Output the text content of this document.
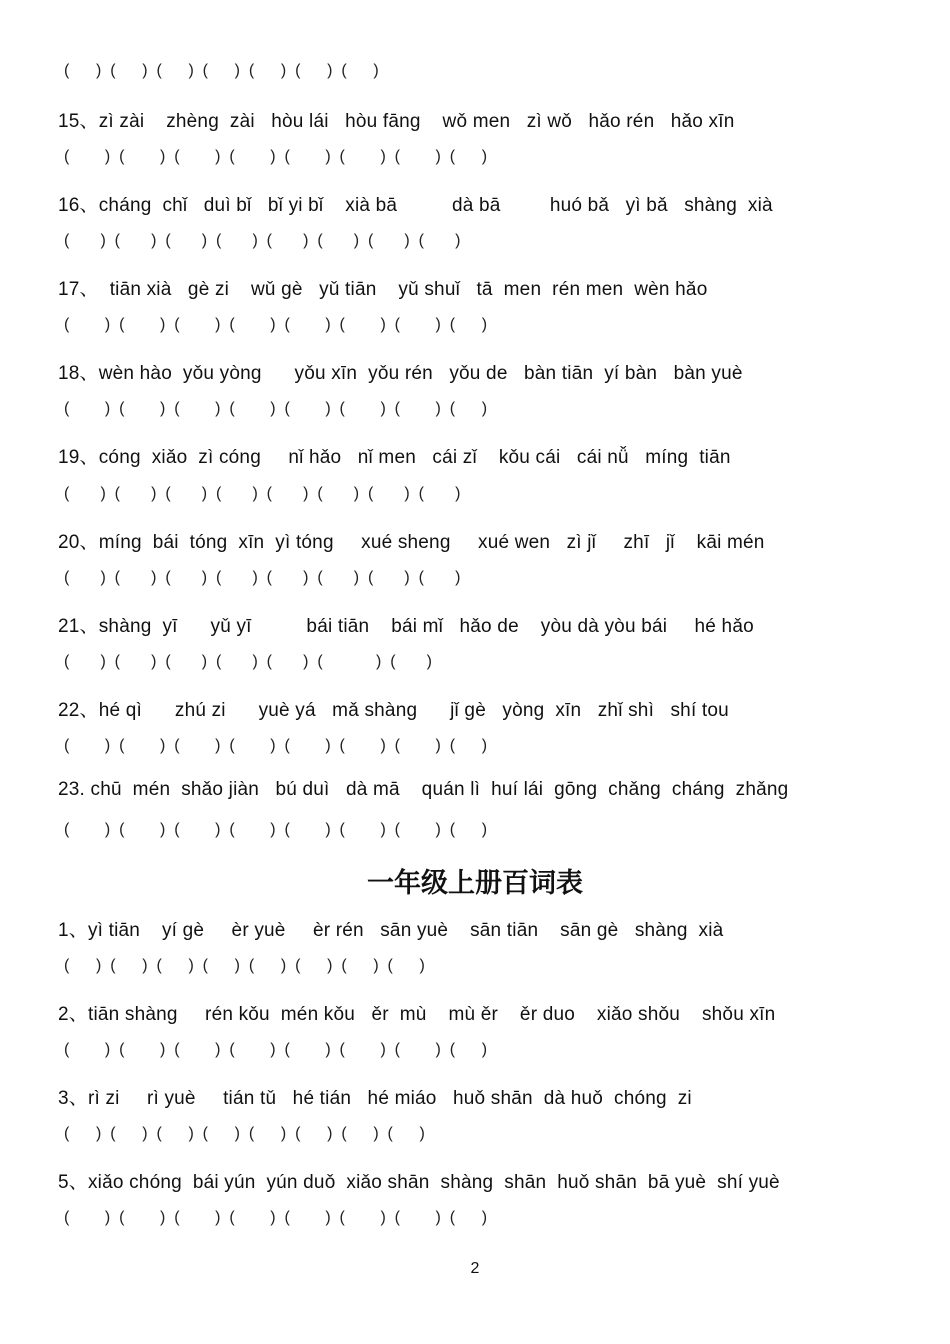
(      )  (      )  (      )  (      )  (      )  (      )  (      )
15、zì zài    zhèng  zài   hòu lái   hòu fāng    wǒ men   zì wǒ   hǎo rén   hǎo xīn
(        )  (        )  (        )  (        )  (        )  (        )  (        )  (      )
16、cháng  chǐ   duì bǐ   bǐ yi bǐ    xià bā          dà bā         huó bǎ   yì bǎ   shàng  xià
(       )  (       )  (       )  (       )  (       )  (       )  (       )  (       )
17、  tiān xià   gè zi    wǔ gè   yǔ tiān    yǔ shuǐ   tā  men  rén men  wèn hǎo
(        )  (        )  (        )  (        )  (        )  (        )  (        )  (      )
18、wèn hào  yǒu yòng      yǒu xīn  yǒu rén   yǒu de   bàn tiān  yí bàn   bàn yuè
(        )  (        )  (        )  (        )  (        )  (        )  (        )  (      )
19、cóng  xiǎo  zì cóng     nǐ hǎo   nǐ men   cái zǐ    kǒu cái   cái nǚ   míng  tiān
(       )  (       )  (       )  (       )  (       )  (       )  (       )  (       )
20、míng  bái  tóng  xīn  yì tóng     xué sheng     xué wen   zì jǐ     zhī   jǐ    kāi mén
(       )  (       )  (       )  (       )  (       )  (       )  (       )  (       )
21、shàng  yī      yǔ yī          bái tiān    bái mǐ   hǎo de    yòu dà yòu bái     hé hǎo
(       )  (       )  (       )  (       )  (       )  (            )  (       )
22、hé qì      zhú zi      yuè yá   mǎ shàng      jǐ gè   yòng  xīn   zhǐ shì   shí tou
(        )  (        )  (        )  (        )  (        )  (        )  (        )  (      )
23. chū  mén  shǎo jiàn   bú duì   dà mā    quán lì  huí lái  gōng  chǎng  cháng  zhǎng
(        )  (        )  (        )  (        )  (        )  (        )  (        )  (      )
一年级上册百词表
1、yì tiān    yí gè     èr yuè     èr rén   sān yuè    sān tiān    sān gè   shàng  xià
(      )  (      )  (      )  (      )  (      )  (      )  (      )  (      )
2、tiān shàng     rén kǒu  mén kǒu   ěr  mù    mù ěr    ěr duo    xiǎo shǒu    shǒu xīn
(        )  (        )  (        )  (        )  (        )  (        )  (        )  (      )
3、rì zi     rì yuè     tián tǔ   hé tián   hé miáo   huǒ shān  dà huǒ  chóng  zi
(      )  (      )  (      )  (      )  (      )  (      )  (      )  (      )
5、xiǎo chóng  bái yún  yún duǒ  xiǎo shān  shàng  shān  huǒ shān  bā yuè  shí yuè
(        )  (        )  (        )  (        )  (        )  (        )  (        )  (      )
2
